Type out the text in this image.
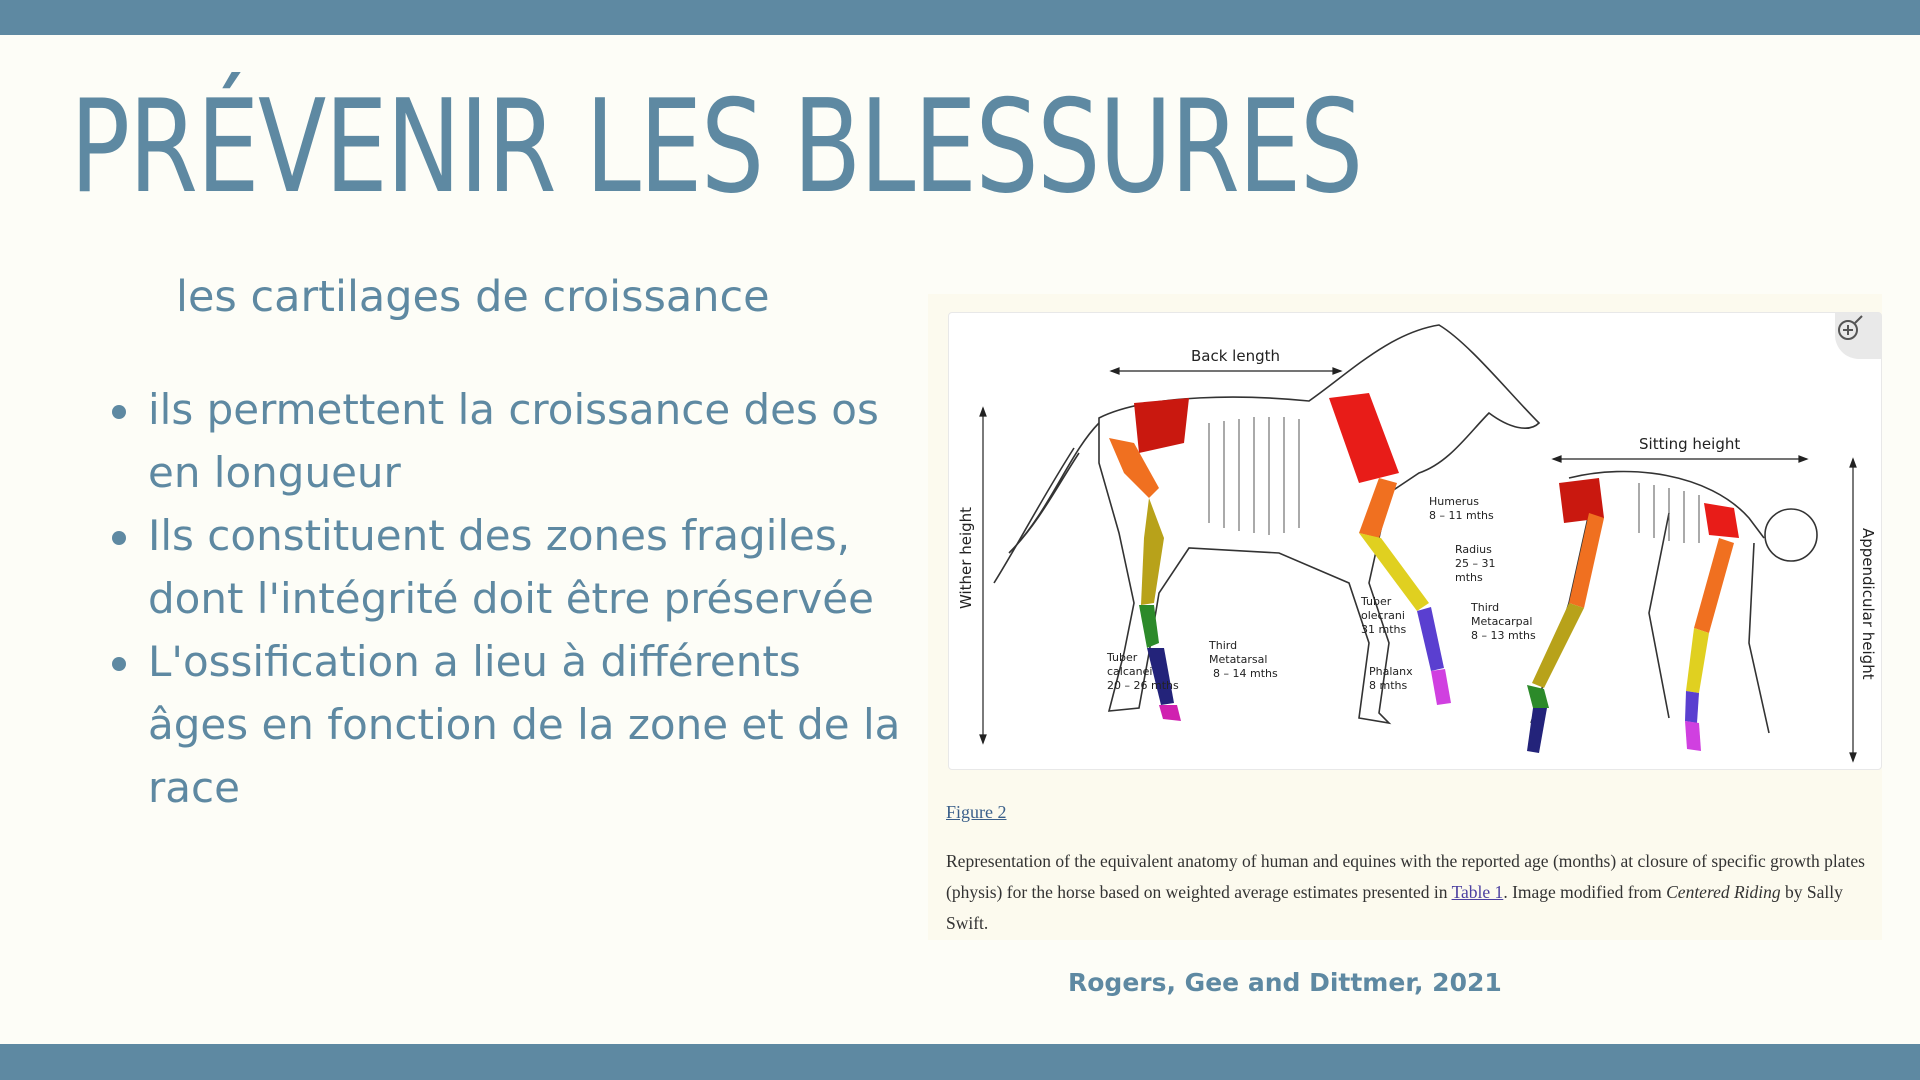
PRÉVENIR LES BLESSURES
les cartilages de croissance
ils permettent la croissance des os en longueur
Ils constituent des zones fragiles, dont l'intégrité doit être préservée
L'ossification a lieu à différents âges en fonction de la zone et de la race
Back length
Sitting height
Wither height	Appendicular height
Humerus
8 – 11 mths
Radius
25 – 31
mths
Tuber
olecrani
31 mths
Third
Metacarpal
8 – 13 mths
Phalanx
8 mths
Third
Metatarsal
8 – 14 mths
Tuber
calcanei
20 – 26 mths
Figure 2
Representation of the equivalent anatomy of human and equines with the reported age (months) at closure of specific growth plates (physis) for the horse based on weighted average estimates presented in Table 1. Image modified from Centered Riding by Sally Swift.
Rogers, Gee and Dittmer, 2021
